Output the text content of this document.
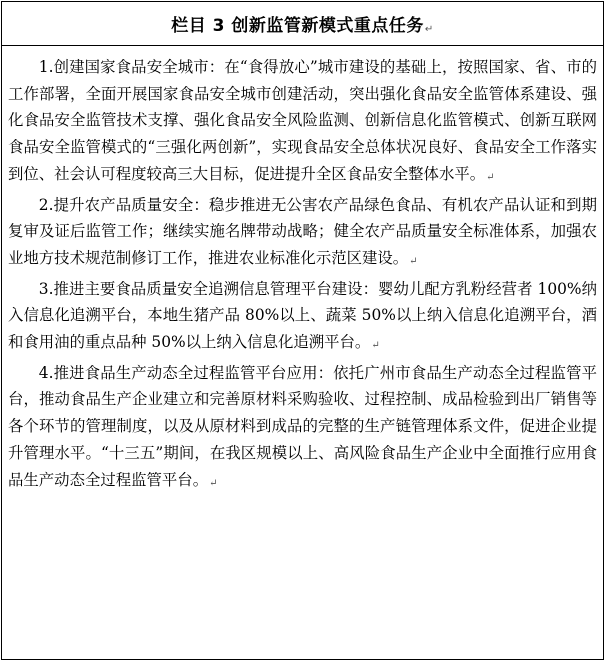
栏目 3 创新监管新模式重点任务↵

1.创建国家食品安全城市：在“食得放心”城市建设的基础上，按照国家、省、市的工作部署，全面开展国家食品安全城市创建活动，突出强化食品安全监管体系建设、强化食品安全监管技术支撑、强化食品安全风险监测、创新信息化监管模式、创新互联网食品安全监管模式的“三强化两创新”，实现食品安全总体状况良好、食品安全工作落实到位、社会认可程度较高三大目标，促进提升全区食品安全整体水平。↵

2.提升农产品质量安全：稳步推进无公害农产品绿色食品、有机农产品认证和到期复审及证后监管工作；继续实施名牌带动战略；健全农产品质量安全标准体系，加强农业地方技术规范制修订工作，推进农业标准化示范区建设。↵

3.推进主要食品质量安全追溯信息管理平台建设：婴幼儿配方乳粉经营者 100%纳入信息化追溯平台，本地生猪产品 80%以上、蔬菜 50%以上纳入信息化追溯平台，酒和食用油的重点品种 50%以上纳入信息化追溯平台。↵

4.推进食品生产动态全过程监管平台应用：依托广州市食品生产动态全过程监管平台，推动食品生产企业建立和完善原材料采购验收、过程控制、成品检验到出厂销售等各个环节的管理制度，以及从原材料到成品的完整的生产链管理体系文件，促进企业提升管理水平。“十三五”期间，在我区规模以上、高风险食品生产企业中全面推行应用食品生产动态全过程监管平台。↵
